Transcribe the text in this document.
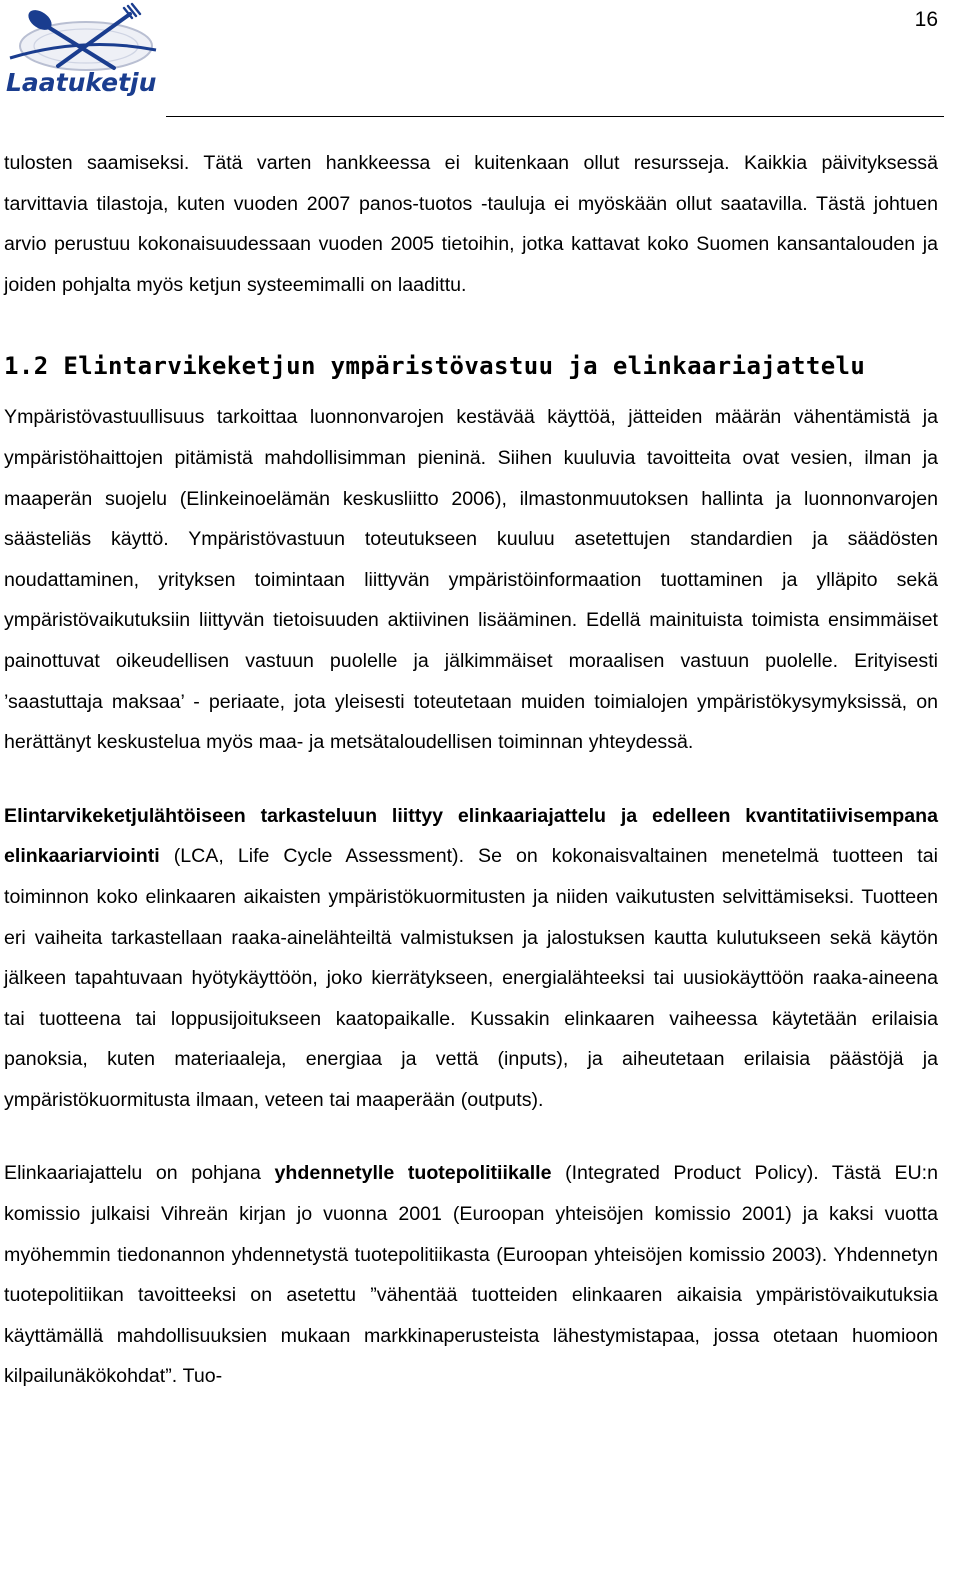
Laatuketju
16

tulosten saamiseksi. Tätä varten hankkeessa ei kuitenkaan ollut resursseja. Kaikkia päivityksessä tarvittavia tilastoja, kuten vuoden 2007 panos-tuotos -tauluja ei myöskään ollut saatavilla. Tästä johtuen arvio perustuu kokonaisuudessaan vuoden 2005 tietoihin, jotka kattavat koko Suomen kansantalouden ja joiden pohjalta myös ketjun systeemimalli on laadittu.

1.2 Elintarvikeketjun ympäristövastuu ja elinkaariajattelu

Ympäristövastuullisuus tarkoittaa luonnonvarojen kestävää käyttöä, jätteiden määrän vähentämistä ja ympäristöhaittojen pitämistä mahdollisimman pieninä. Siihen kuuluvia tavoitteita ovat vesien, ilman ja maaperän suojelu (Elinkeinoelämän keskusliitto 2006), ilmastonmuutoksen hallinta ja luonnonvarojen säästeliäs käyttö. Ympäristövastuun toteutukseen kuuluu asetettujen standardien ja säädösten noudattaminen, yrityksen toimintaan liittyvän ympäristöinformaation tuottaminen ja ylläpito sekä ympäristövaikutuksiin liittyvän tietoisuuden aktiivinen lisääminen. Edellä mainituista toimista ensimmäiset painottuvat oikeudellisen vastuun puolelle ja jälkimmäiset moraalisen vastuun puolelle. Erityisesti ’saastuttaja maksaa’ - periaate, jota yleisesti toteutetaan muiden toimialojen ympäristökysymyksissä, on herättänyt keskustelua myös maa- ja metsätaloudellisen toiminnan yhteydessä.

Elintarvikeketjulähtöiseen tarkasteluun liittyy elinkaariajattelu ja edelleen kvantitatiivisempana elinkaariarviointi (LCA, Life Cycle Assessment). Se on kokonaisvaltainen menetelmä tuotteen tai toiminnon koko elinkaaren aikaisten ympäristökuormitusten ja niiden vaikutusten selvittämiseksi. Tuotteen eri vaiheita tarkastellaan raaka-ainelähteiltä valmistuksen ja jalostuksen kautta kulutukseen sekä käytön jälkeen tapahtuvaan hyötykäyttöön, joko kierrätykseen, energialähteeksi tai uusiokäyttöön raaka-aineena tai tuotteena tai loppusijoitukseen kaatopaikalle. Kussakin elinkaaren vaiheessa käytetään erilaisia panoksia, kuten materiaaleja, energiaa ja vettä (inputs), ja aiheutetaan erilaisia päästöjä ja ympäristökuormitusta ilmaan, veteen tai maaperään (outputs).

Elinkaariajattelu on pohjana yhdennetylle tuotepolitiikalle (Integrated Product Policy). Tästä EU:n komissio julkaisi Vihreän kirjan jo vuonna 2001 (Euroopan yhteisöjen komissio 2001) ja kaksi vuotta myöhemmin tiedonannon yhdennetystä tuotepolitiikasta (Euroopan yhteisöjen komissio 2003). Yhdennetyn tuotepolitiikan tavoitteeksi on asetettu ”vähentää tuotteiden elinkaaren aikaisia ympäristövaikutuksia käyttämällä mahdollisuuksien mukaan markkinaperusteista lähestymistapaa, jossa otetaan huomioon kilpailunäkökohdat”. Tuo-
